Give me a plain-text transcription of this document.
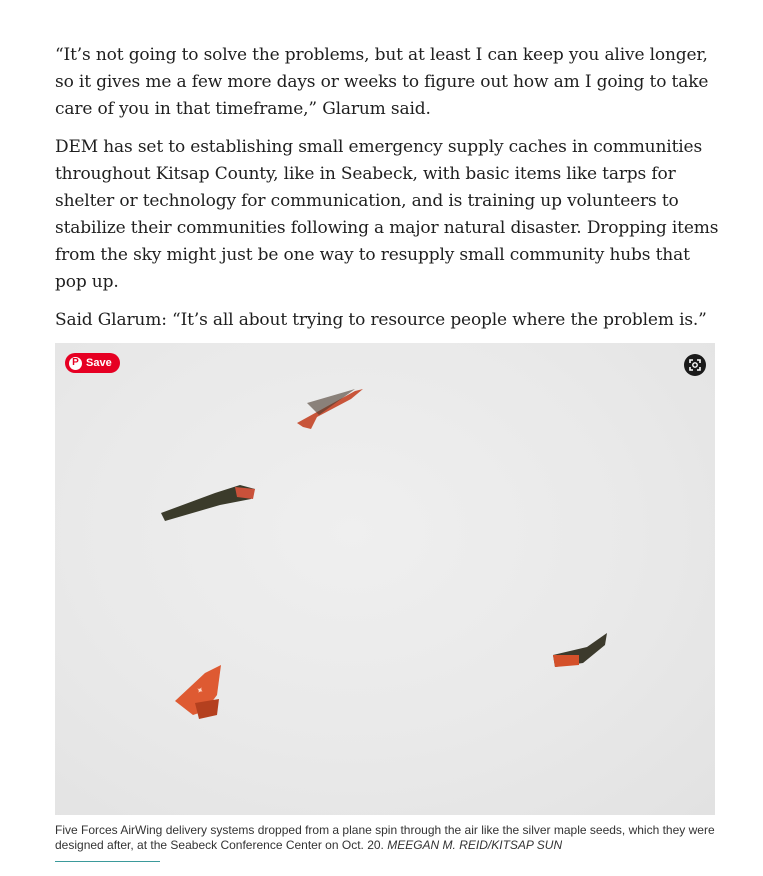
“It’s not going to solve the problems, but at least I can keep you alive longer, so it gives me a few more days or weeks to figure out how am I going to take care of you in that timeframe,” Glarum said.

DEM has set to establishing small emergency supply caches in communities throughout Kitsap County, like in Seabeck, with basic items like tarps for shelter or technology for communication, and is training up volunteers to stabilize their communities following a major natural disaster. Dropping items from the sky might just be one way to resupply small community hubs that pop up.

Said Glarum: “It’s all about trying to resource people where the problem is.”

✦
P Save
Five Forces AirWing delivery systems dropped from a plane spin through the air like the silver maple seeds, which they were designed after, at the Seabeck Conference Center on Oct. 20. MEEGAN M. REID/KITSAP SUN
